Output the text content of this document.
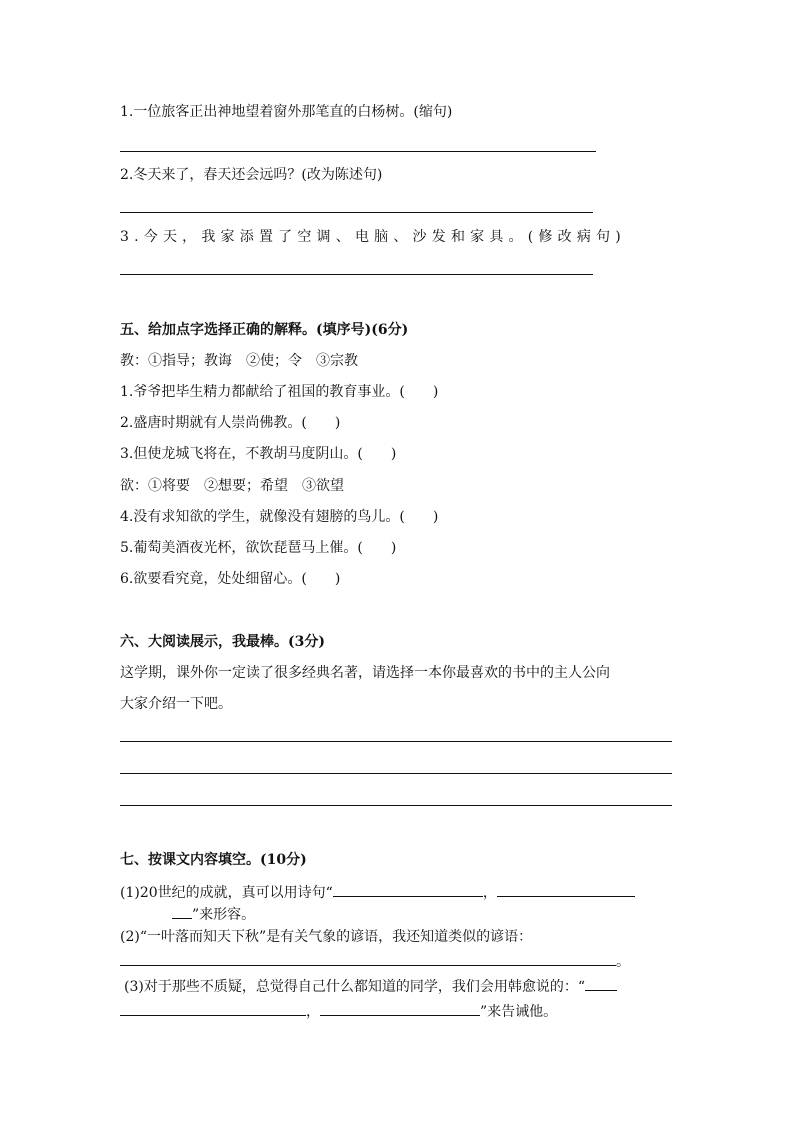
1.一位旅客正出神地望着窗外那笔直的白杨树。(缩句)
2.冬天来了，春天还会远吗？(改为陈述句)
3.今天，我家添置了空调、电脑、沙发和家具。(修改病句)
五、给加点字选择正确的解释。(填序号)(6分)
教：①指导；教诲　②使；令　③宗教
1.爷爷把毕生精力都献给了祖国的教育事业。( )
2.盛唐时期就有人崇尚佛教。( )
3.但使龙城飞将在，不教胡马度阴山。( )
欲：①将要　②想要；希望　③欲望
4.没有求知欲的学生，就像没有翅膀的鸟儿。( )
5.葡萄美酒夜光杯，欲饮琵琶马上催。( )
6.欲要看究竟，处处细留心。( )
六、大阅读展示，我最棒。(3分)
这学期，课外你一定读了很多经典名著，请选择一本你最喜欢的书中的主人公向
大家介绍一下吧。
七、按课文内容填空。(10分)
(1)20世纪的成就，真可以用诗句“	，
”来形容。
(2)“一叶落而知天下秋”是有关气象的谚语，我还知道类似的谚语：
。
(3)对于那些不质疑，总觉得自己什么都知道的同学，我们会用韩愈说的：“
，	”来告诫他。
